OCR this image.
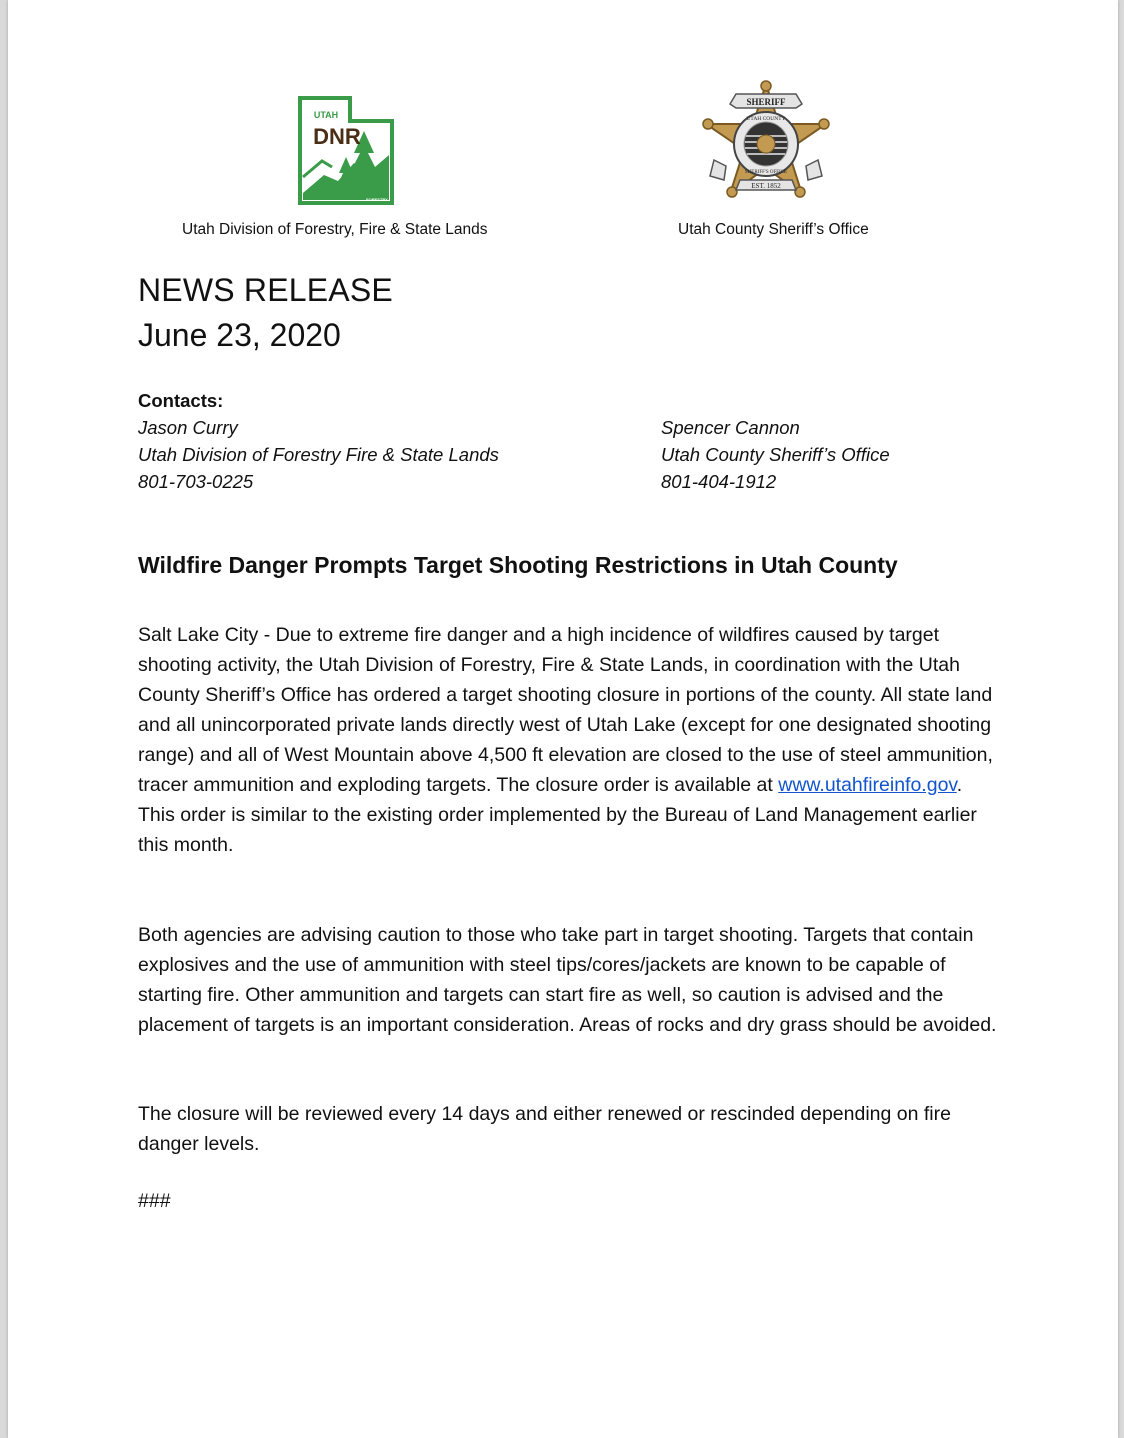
UTAH
DNR
FORESTRY
Utah Division of Forestry, Fire & State Lands
SHERIFF
UTAH COUNTY
SHERIFF'S OFFICE
EST. 1852
Utah County Sheriff’s Office
NEWS RELEASE
June 23, 2020
Contacts:
Jason Curry
Utah Division of Forestry Fire & State Lands
801-703-0225
Spencer Cannon
Utah County Sheriff’s Office
801-404-1912
Wildfire Danger Prompts Target Shooting Restrictions in Utah County
Salt Lake City - Due to extreme fire danger and a high incidence of wildfires caused by target shooting activity, the Utah Division of Forestry, Fire & State Lands, in coordination with the Utah County Sheriff’s Office has ordered a target shooting closure in portions of the county. All state land and all unincorporated private lands directly west of Utah Lake (except for one designated shooting range) and all of West Mountain above 4,500 ft elevation are closed to the use of steel ammunition, tracer ammunition and exploding targets. The closure order is available at www.utahfireinfo.gov. This order is similar to the existing order implemented by the Bureau of Land Management earlier this month.
Both agencies are advising caution to those who take part in target shooting. Targets that contain explosives and the use of ammunition with steel tips/cores/jackets are known to be capable of starting fire. Other ammunition and targets can start fire as well, so caution is advised and the placement of targets is an important consideration. Areas of rocks and dry grass should be avoided.
The closure will be reviewed every 14 days and either renewed or rescinded depending on fire danger levels.
###
